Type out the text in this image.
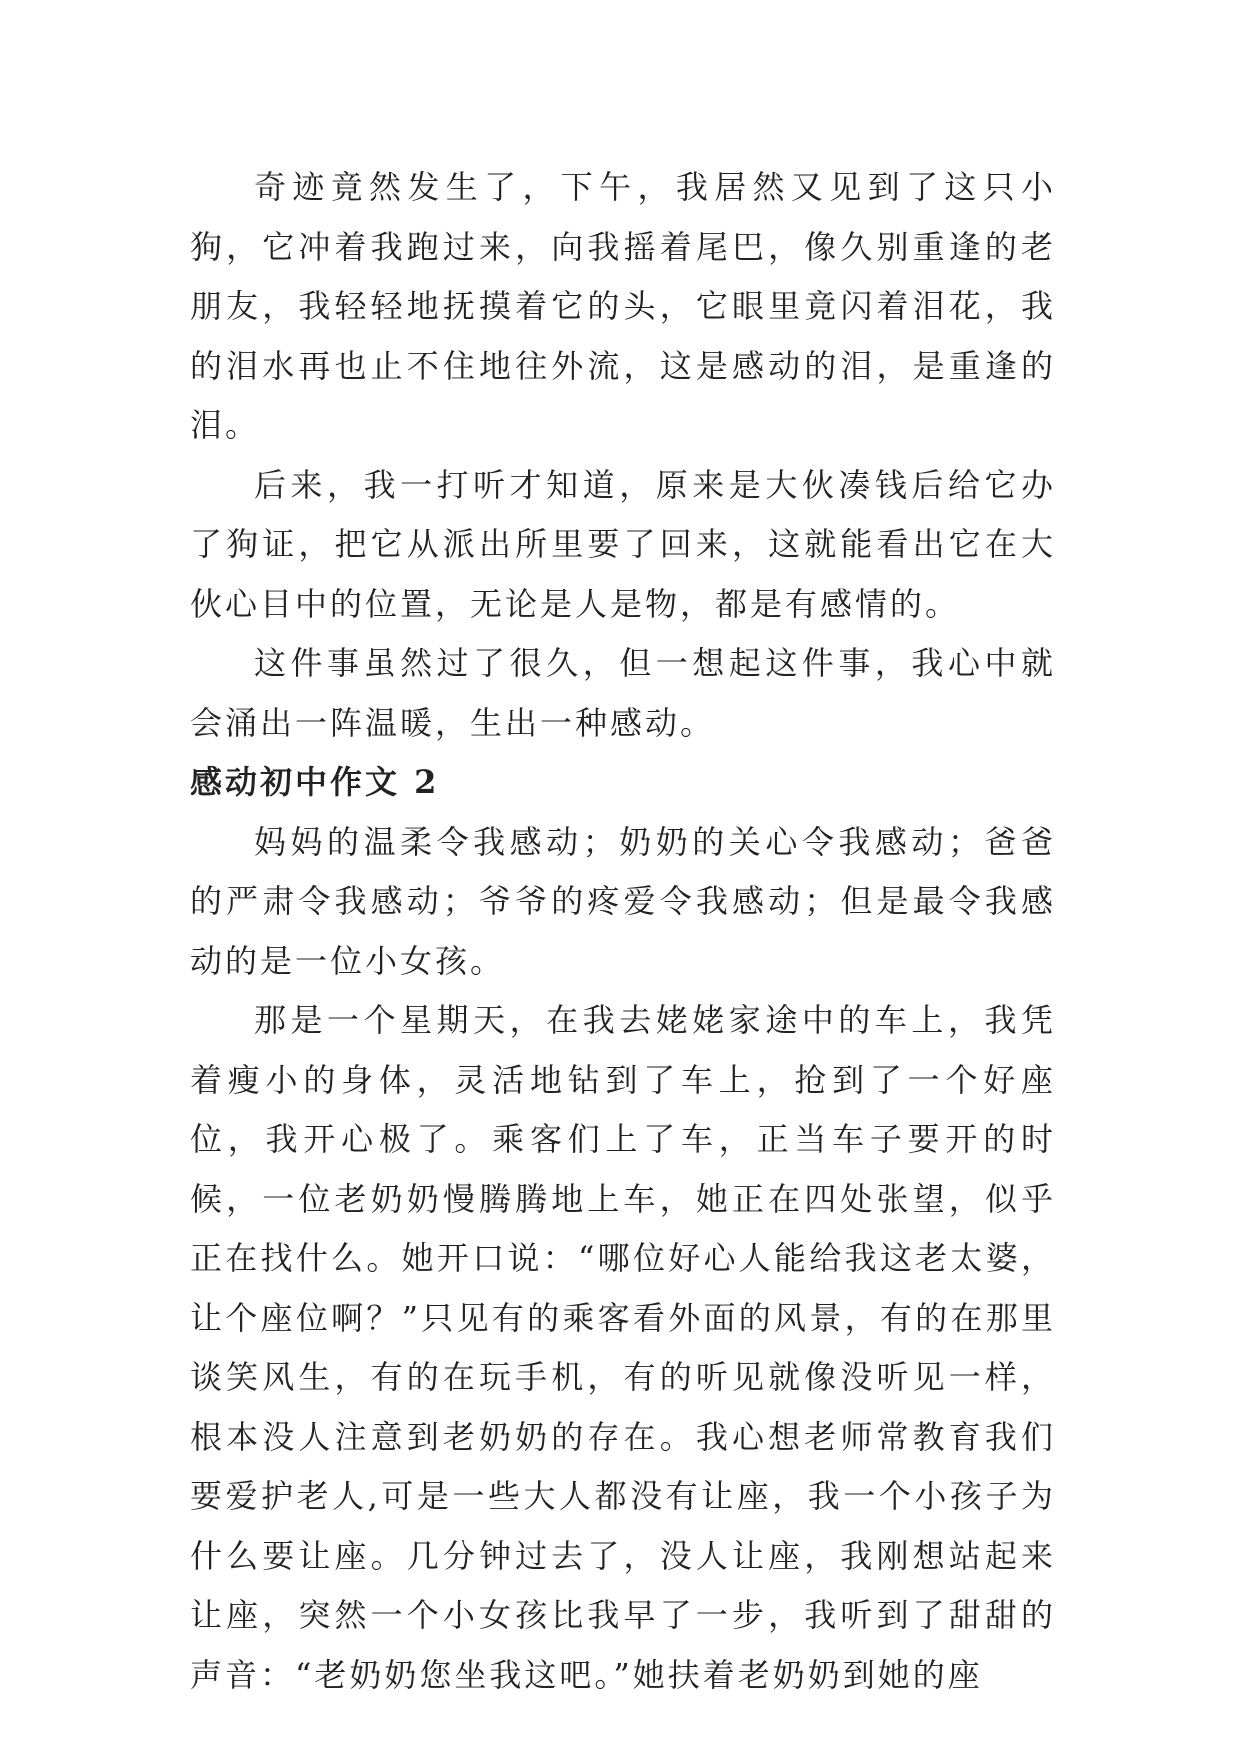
奇迹竟然发生了，下午，我居然又见到了这只小狗，它冲着我跑过来，向我摇着尾巴，像久别重逢的老朋友，我轻轻地抚摸着它的头，它眼里竟闪着泪花，我的泪水再也止不住地往外流，这是感动的泪，是重逢的泪。

后来，我一打听才知道，原来是大伙凑钱后给它办了狗证，把它从派出所里要了回来，这就能看出它在大伙心目中的位置，无论是人是物，都是有感情的。

这件事虽然过了很久，但一想起这件事，我心中就会涌出一阵温暖，生出一种感动。

感动初中作文 2

妈妈的温柔令我感动；奶奶的关心令我感动；爸爸的严肃令我感动；爷爷的疼爱令我感动；但是最令我感动的是一位小女孩。

那是一个星期天，在我去姥姥家途中的车上，我凭着瘦小的身体，灵活地钻到了车上，抢到了一个好座位，我开心极了。乘客们上了车，正当车子要开的时候，一位老奶奶慢腾腾地上车，她正在四处张望，似乎正在找什么。她开口说：“哪位好心人能给我这老太婆，让个座位啊？”只见有的乘客看外面的风景，有的在那里谈笑风生，有的在玩手机，有的听见就像没听见一样，根本没人注意到老奶奶的存在。我心想老师常教育我们要爱护老人,可是一些大人都没有让座，我一个小孩子为什么要让座。几分钟过去了，没人让座，我刚想站起来让座，突然一个小女孩比我早了一步，我听到了甜甜的声音：“老奶奶您坐我这吧。”她扶着老奶奶到她的座
